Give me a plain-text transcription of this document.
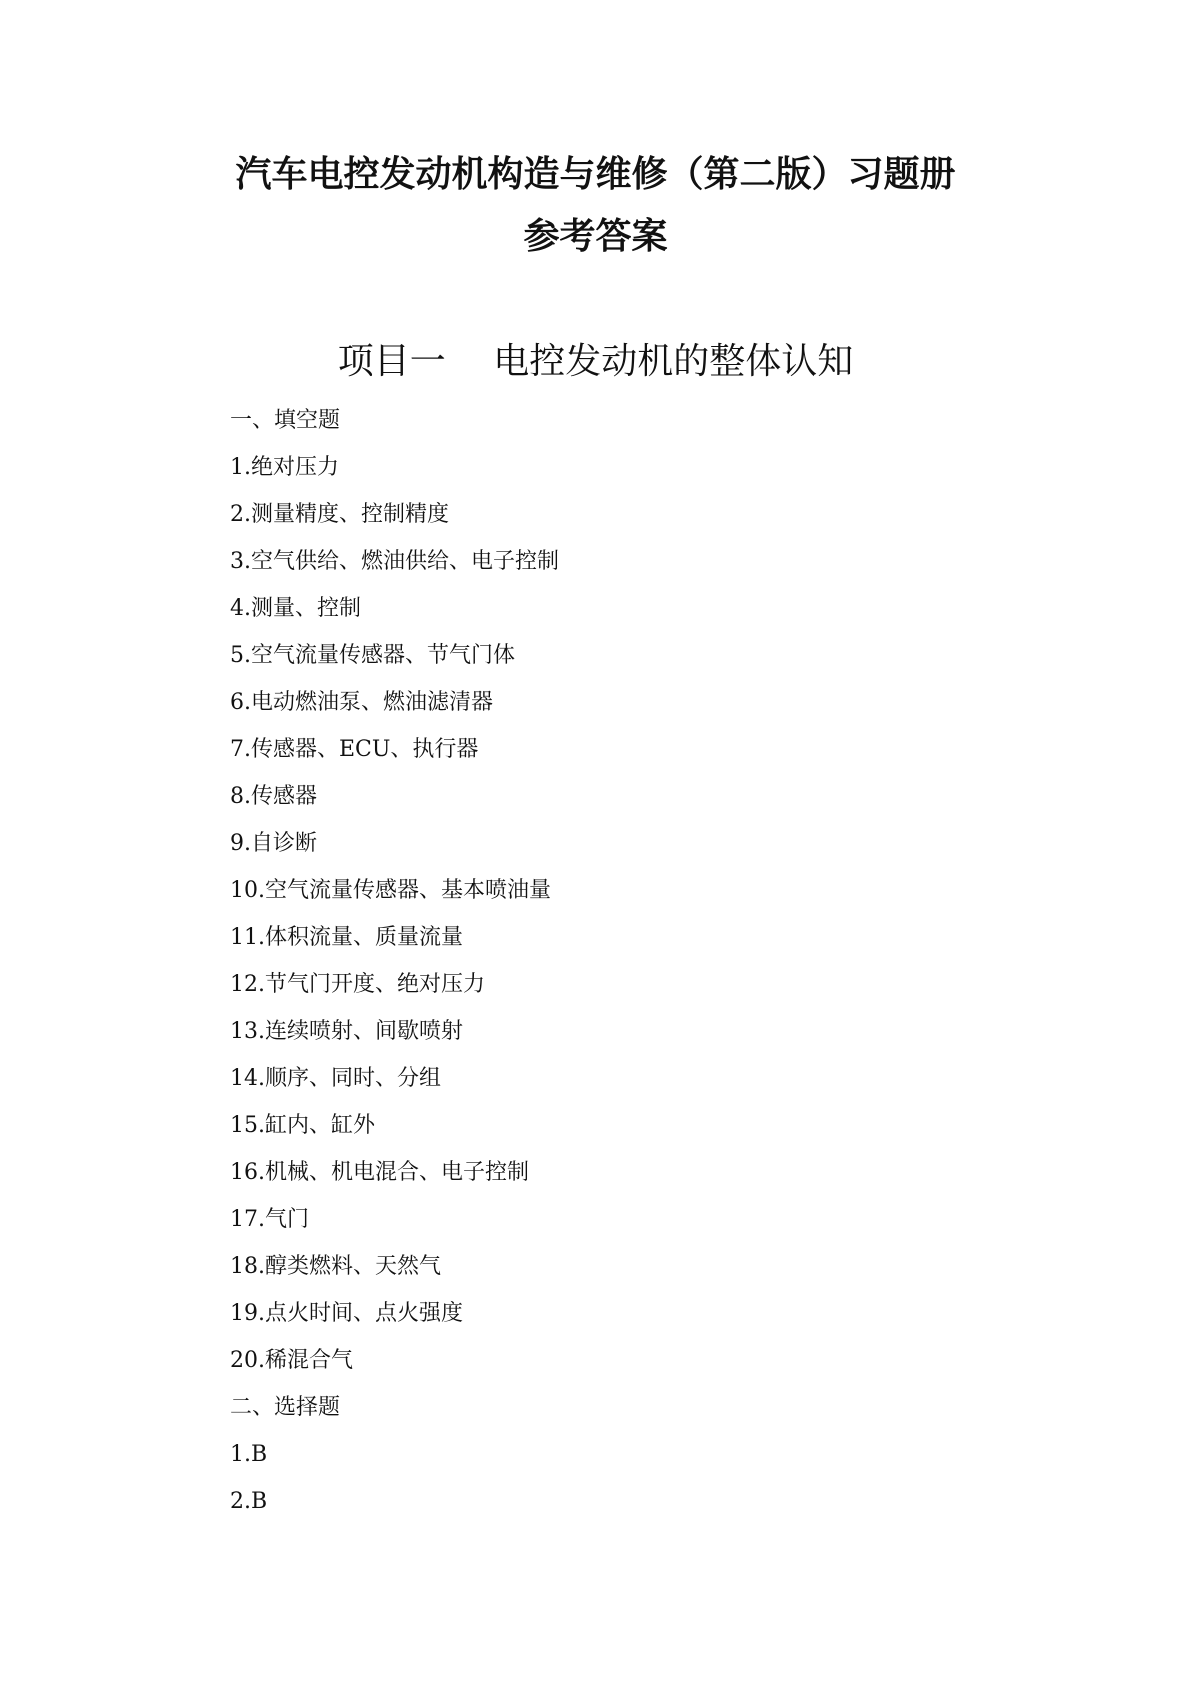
汽车电控发动机构造与维修（第二版）习题册
参考答案
项目一　 电控发动机的整体认知
一、填空题
1.绝对压力
2.测量精度、控制精度
3.空气供给、燃油供给、电子控制
4.测量、控制
5.空气流量传感器、节气门体
6.电动燃油泵、燃油滤清器
7.传感器、ECU、执行器
8.传感器
9.自诊断
10.空气流量传感器、基本喷油量
11.体积流量、质量流量
12.节气门开度、绝对压力
13.连续喷射、间歇喷射
14.顺序、同时、分组
15.缸内、缸外
16.机械、机电混合、电子控制
17.气门
18.醇类燃料、天然气
19.点火时间、点火强度
20.稀混合气
二、选择题
1.B
2.B
